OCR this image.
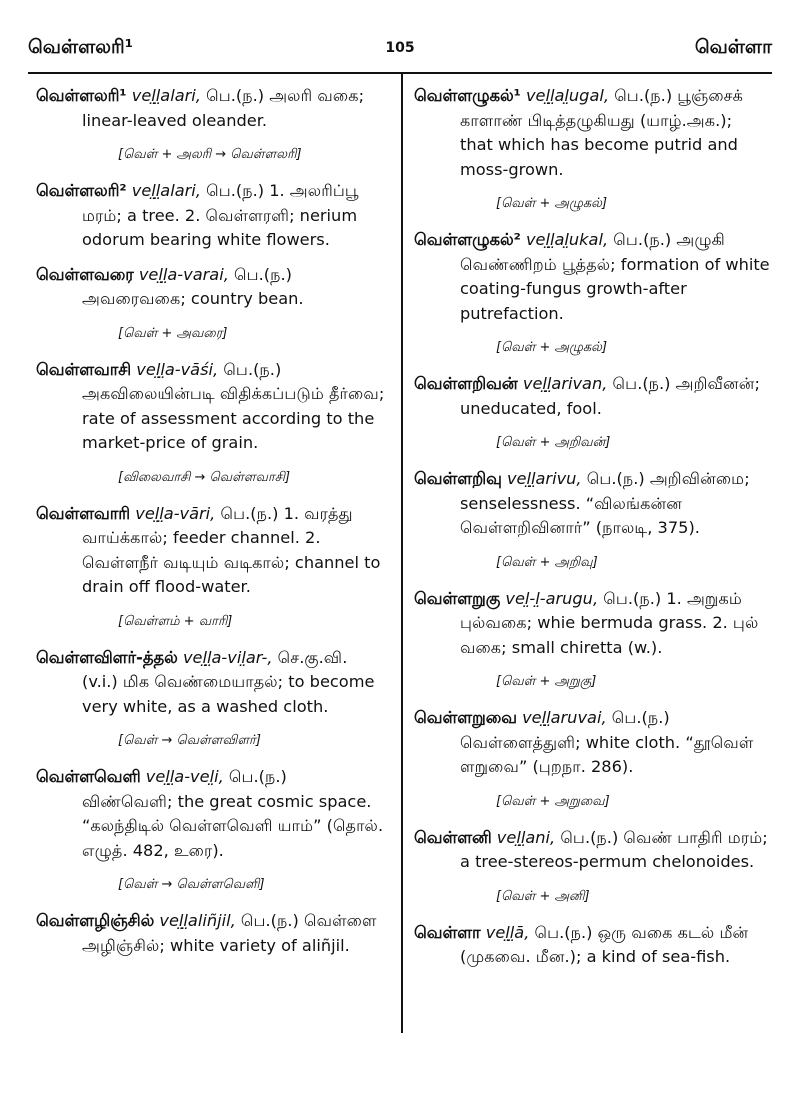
வெள்ளலரி¹	105	வெள்ளா
வெள்ளலரி¹ vel̤l̤alari, பெ.(ந.) அலரி வகை;
linear-leaved oleander.
[வெள் + அலரி → வெள்ளலரி]
வெள்ளலரி² vel̤l̤alari, பெ.(ந.) 1. அலரிப்பூ
மரம்; a tree. 2. வெள்ளரளி; nerium odorum bearing white flowers.
வெள்ளவரை vel̤l̤a-varai, பெ.(ந.)
அவரைவகை; country bean.
[வெள் + அவரை]
வெள்ளவாசி vel̤l̤a-vāśi, பெ.(ந.)
அகவிலையின்படி விதிக்கப்படும் தீர்வை; rate of assessment according to the market-price of grain.
[விலைவாசி → வெள்ளவாசி]
வெள்ளவாரி vel̤l̤a-vāri, பெ.(ந.) 1. வரத்து
வாய்க்கால்; feeder channel. 2. வெள்ளநீர் வடியும் வடிகால்; channel to drain off flood-water.
[வெள்ளம் + வாரி]
வெள்ளவிளர்-த்தல் vel̤l̤a-vil̤ar-, செ.கு.வி.
(v.i.) மிக வெண்மையாதல்; to become very white, as a washed cloth.
[வெள் → வெள்ளவிளர்]
வெள்ளவெளி vel̤l̤a-vel̤i, பெ.(ந.)
விண்வெளி; the great cosmic space. “கலந்திடில் வெள்ளவெளி யாம்” (தொல். எழுத். 482, உரை).
[வெள் → வெள்ளவெளி]
வெள்ளழிஞ்சில் vel̤l̤aliñjil, பெ.(ந.) வெள்ளை
அழிஞ்சில்; white variety of aliñjil.
வெள்ளழுகல்¹ vel̤l̤al̤ugal, பெ.(ந.) பூஞ்சைக்
காளாண் பிடித்தழுகியது (யாழ்.அக.); that which has become putrid and moss-grown.
[வெள் + அழுகல்]
வெள்ளழுகல்² vel̤l̤al̤ukal, பெ.(ந.) அழுகி
வெண்ணிறம் பூத்தல்; formation of white coating-fungus growth-after putrefaction.
[வெள் + அழுகல்]
வெள்ளறிவன் vel̤l̤arivan, பெ.(ந.) அறிவீனன்;
uneducated, fool.
[வெள் + அறிவன்]
வெள்ளறிவு vel̤l̤arivu, பெ.(ந.) அறிவின்மை;
senselessness. “விலங்கன்ன வெள்ளறிவினார்” (நாலடி, 375).
[வெள் + அறிவு]
வெள்ளறுகு vel̤-l̤-arugu, பெ.(ந.) 1. அறுகம்
புல்வகை; whie bermuda grass. 2. புல் வகை; small chiretta (w.).
[வெள் + அறுகு]
வெள்ளறுவை vel̤l̤aruvai, பெ.(ந.)
வெள்ளைத்துளி; white cloth. “தூவெள் ளறுவை” (புறநா. 286).
[வெள் + அறுவை]
வெள்ளனி vel̤l̤ani, பெ.(ந.) வெண் பாதிரி மரம்;
a tree-stereos-permum chelonoides.
[வெள் + அனி]
வெள்ளா vel̤l̤ā, பெ.(ந.) ஒரு வகை கடல் மீன்
(முகவை. மீன.); a kind of sea-fish.
